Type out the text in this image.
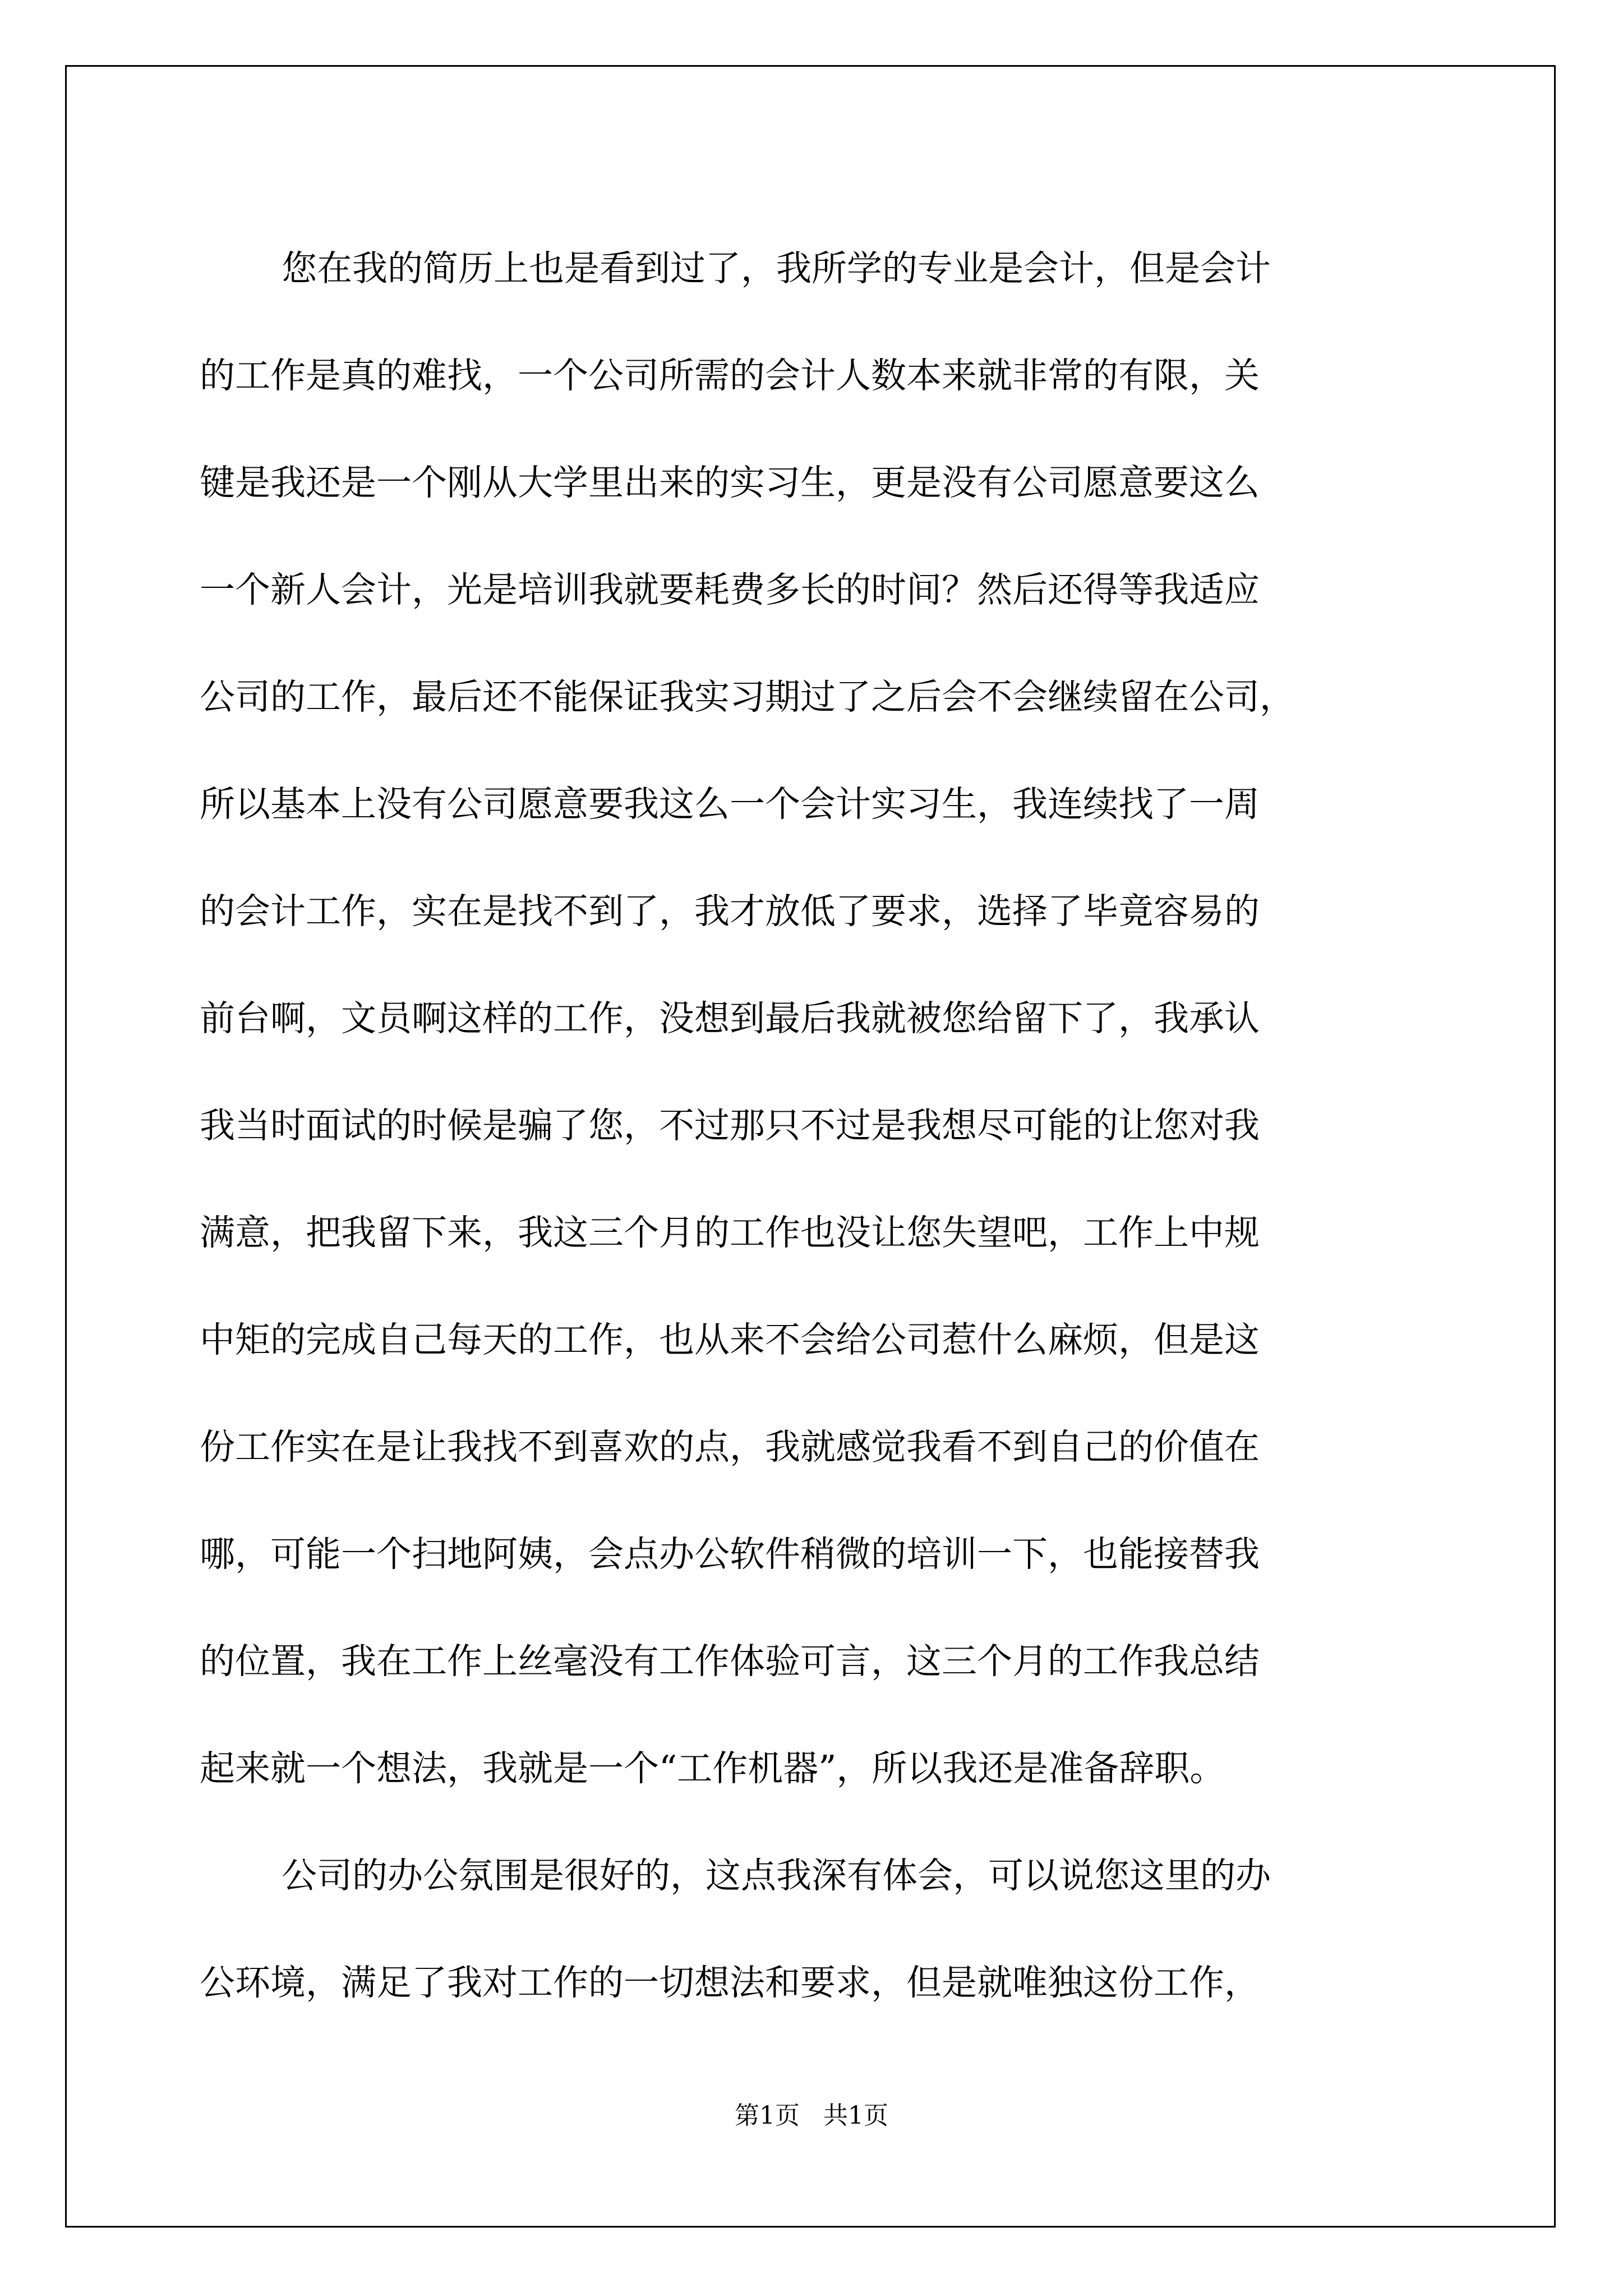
您在我的简历上也是看到过了，我所学的专业是会计，但是会计
的工作是真的难找，一个公司所需的会计人数本来就非常的有限，关
键是我还是一个刚从大学里出来的实习生，更是没有公司愿意要这么
一个新人会计，光是培训我就要耗费多长的时间？然后还得等我适应
公司的工作，最后还不能保证我实习期过了之后会不会继续留在公司，
所以基本上没有公司愿意要我这么一个会计实习生，我连续找了一周
的会计工作，实在是找不到了，我才放低了要求，选择了毕竟容易的
前台啊，文员啊这样的工作，没想到最后我就被您给留下了，我承认
我当时面试的时候是骗了您，不过那只不过是我想尽可能的让您对我
满意，把我留下来，我这三个月的工作也没让您失望吧，工作上中规
中矩的完成自己每天的工作，也从来不会给公司惹什么麻烦，但是这
份工作实在是让我找不到喜欢的点，我就感觉我看不到自己的价值在
哪，可能一个扫地阿姨，会点办公软件稍微的培训一下，也能接替我
的位置，我在工作上丝毫没有工作体验可言，这三个月的工作我总结
起来就一个想法，我就是一个“工作机器”，所以我还是准备辞职。
公司的办公氛围是很好的，这点我深有体会，可以说您这里的办
公环境，满足了我对工作的一切想法和要求，但是就唯独这份工作，
第1页   共1页
